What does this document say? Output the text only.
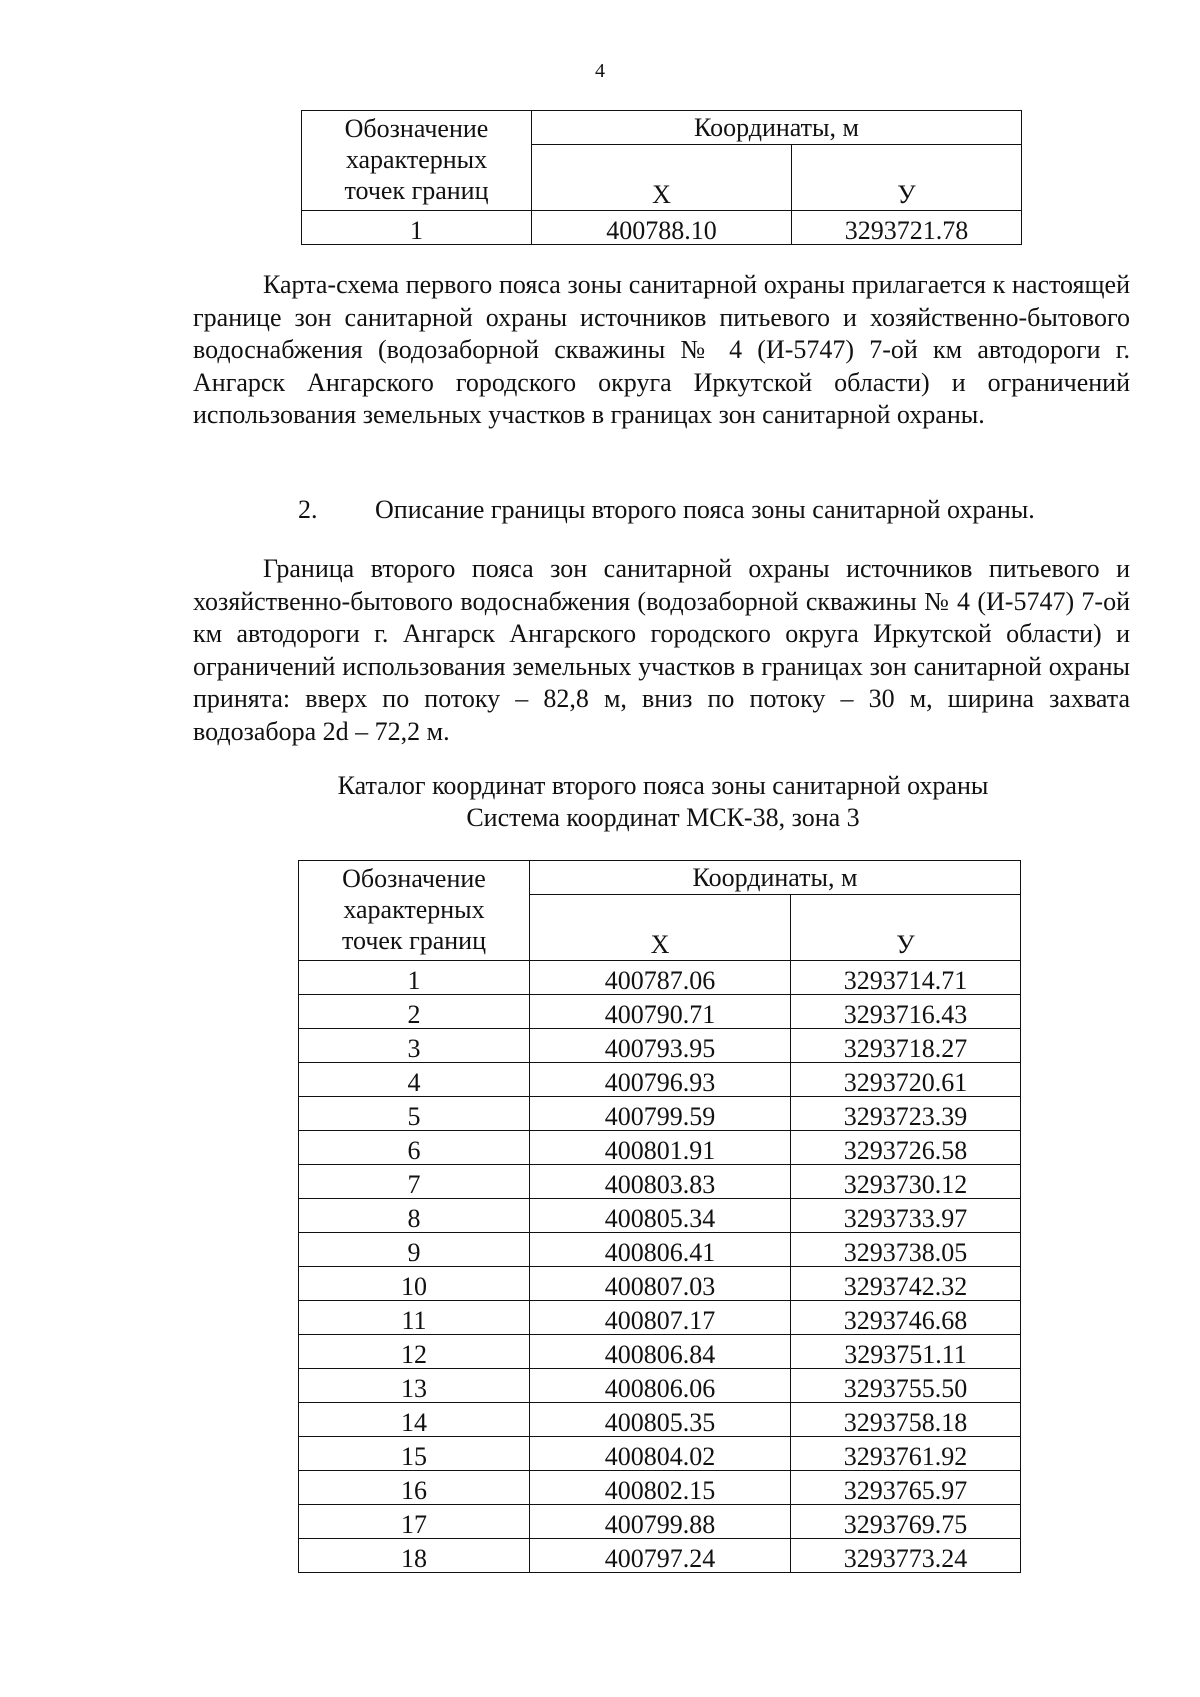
4
Обозначение
характерных
точек границ	Координаты, м	
	Х	У
1	400788.10	3293721.78

Карта-схема первого пояса зоны санитарной охраны прилагается к настоящей границе зон санитарной охраны источников питьевого и хозяйственно-бытового водоснабжения (водозаборной скважины № 4 (И-5747) 7-ой км автодороги г. Ангарск Ангарского городского округа Иркутской области) и ограничений использования земельных участков в границах зон санитарной охраны.

2. Описание границы второго пояса зоны санитарной охраны.

Граница второго пояса зон санитарной охраны источников питьевого и хозяйственно-бытового водоснабжения (водозаборной скважины № 4 (И-5747) 7-ой км автодороги г. Ангарск Ангарского городского округа Иркутской области) и ограничений использования земельных участков в границах зон санитарной охраны принята: вверх по потоку – 82,8 м, вниз по потоку – 30 м, ширина захвата водозабора 2d – 72,2 м.

Каталог координат второго пояса зоны санитарной охраны
Система координат МСК-38, зона 3
Обозначение
характерных
точек границ	Координаты, м	
	Х	У
1	400787.06	3293714.71
2	400790.71	3293716.43
3	400793.95	3293718.27
4	400796.93	3293720.61
5	400799.59	3293723.39
6	400801.91	3293726.58
7	400803.83	3293730.12
8	400805.34	3293733.97
9	400806.41	3293738.05
10	400807.03	3293742.32
11	400807.17	3293746.68
12	400806.84	3293751.11
13	400806.06	3293755.50
14	400805.35	3293758.18
15	400804.02	3293761.92
16	400802.15	3293765.97
17	400799.88	3293769.75
18	400797.24	3293773.24
